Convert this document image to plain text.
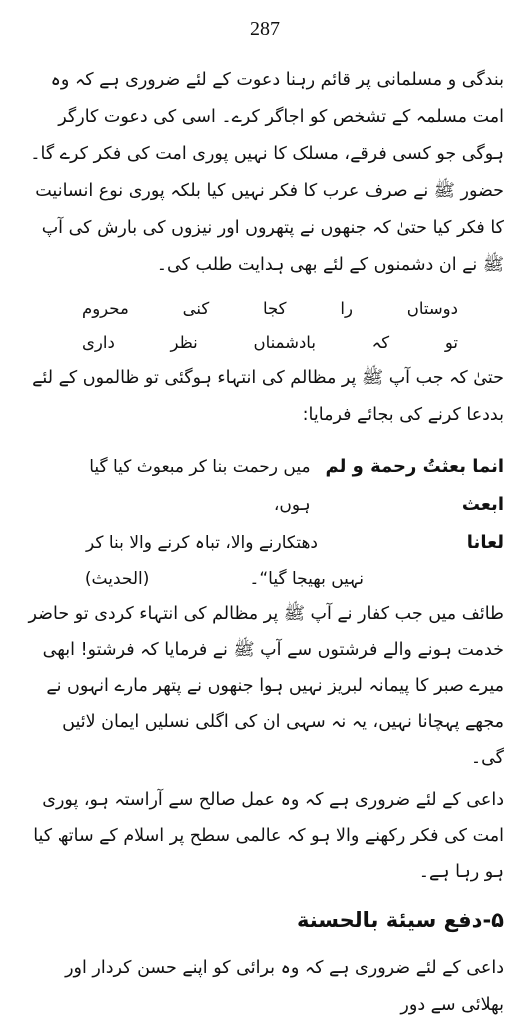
287

بندگی و مسلمانی پر قائم رہنا دعوت کے لئے ضروری ہے کہ وہ امت مسلمہ کے تشخص کو اجاگر کرے۔ اسی کی دعوت کارگر ہوگی جو کسی فرقے، مسلک کا نہیں پوری امت کی فکر کرے گا۔ حضور ﷺ نے صرف عرب کا فکر نہیں کیا بلکہ پوری نوع انسانیت کا فکر کیا حتیٰ کہ جنھوں نے پتھروں اور نیزوں کی بارش کی آپ ﷺ نے ان دشمنوں کے لئے بھی ہدایت طلب کی۔

دوستاں
را
کجا
کنی
محروم
تو
کہ
بادشمناں
نظر
داری

حتیٰ کہ جب آپ ﷺ پر مظالم کی انتہاء ہوگئی تو ظالموں کے لئے بددعا کرنے کی بجائے فرمایا:

انما بعثتُ رحمة و لم ابعث
میں رحمت بنا کر مبعوث کیا گیا ہوں،
لعانا
دھتکارنے والا، تباہ کرنے والا بنا کر
نہیں بھیجا گیا“۔
(الحدیث)

طائف میں جب کفار نے آپ ﷺ پر مظالم کی انتہاء کردی تو حاضر خدمت ہونے والے فرشتوں سے آپ ﷺ نے فرمایا کہ فرشتو! ابھی میرے صبر کا پیمانہ لبریز نہیں ہوا جنھوں نے پتھر مارے انہوں نے مجھے پہچانا نہیں، یہ نہ سہی ان کی اگلی نسلیں ایمان لائیں گی۔

داعی کے لئے ضروری ہے کہ وہ عمل صالح سے آراستہ ہو، پوری امت کی فکر رکھنے والا ہو کہ عالمی سطح پر اسلام کے ساتھ کیا ہو رہا ہے۔

۵-دفع سیئة بالحسنة

داعی کے لئے ضروری ہے کہ وہ برائی کو اپنے حسن کردار اور بھلائی سے دور
